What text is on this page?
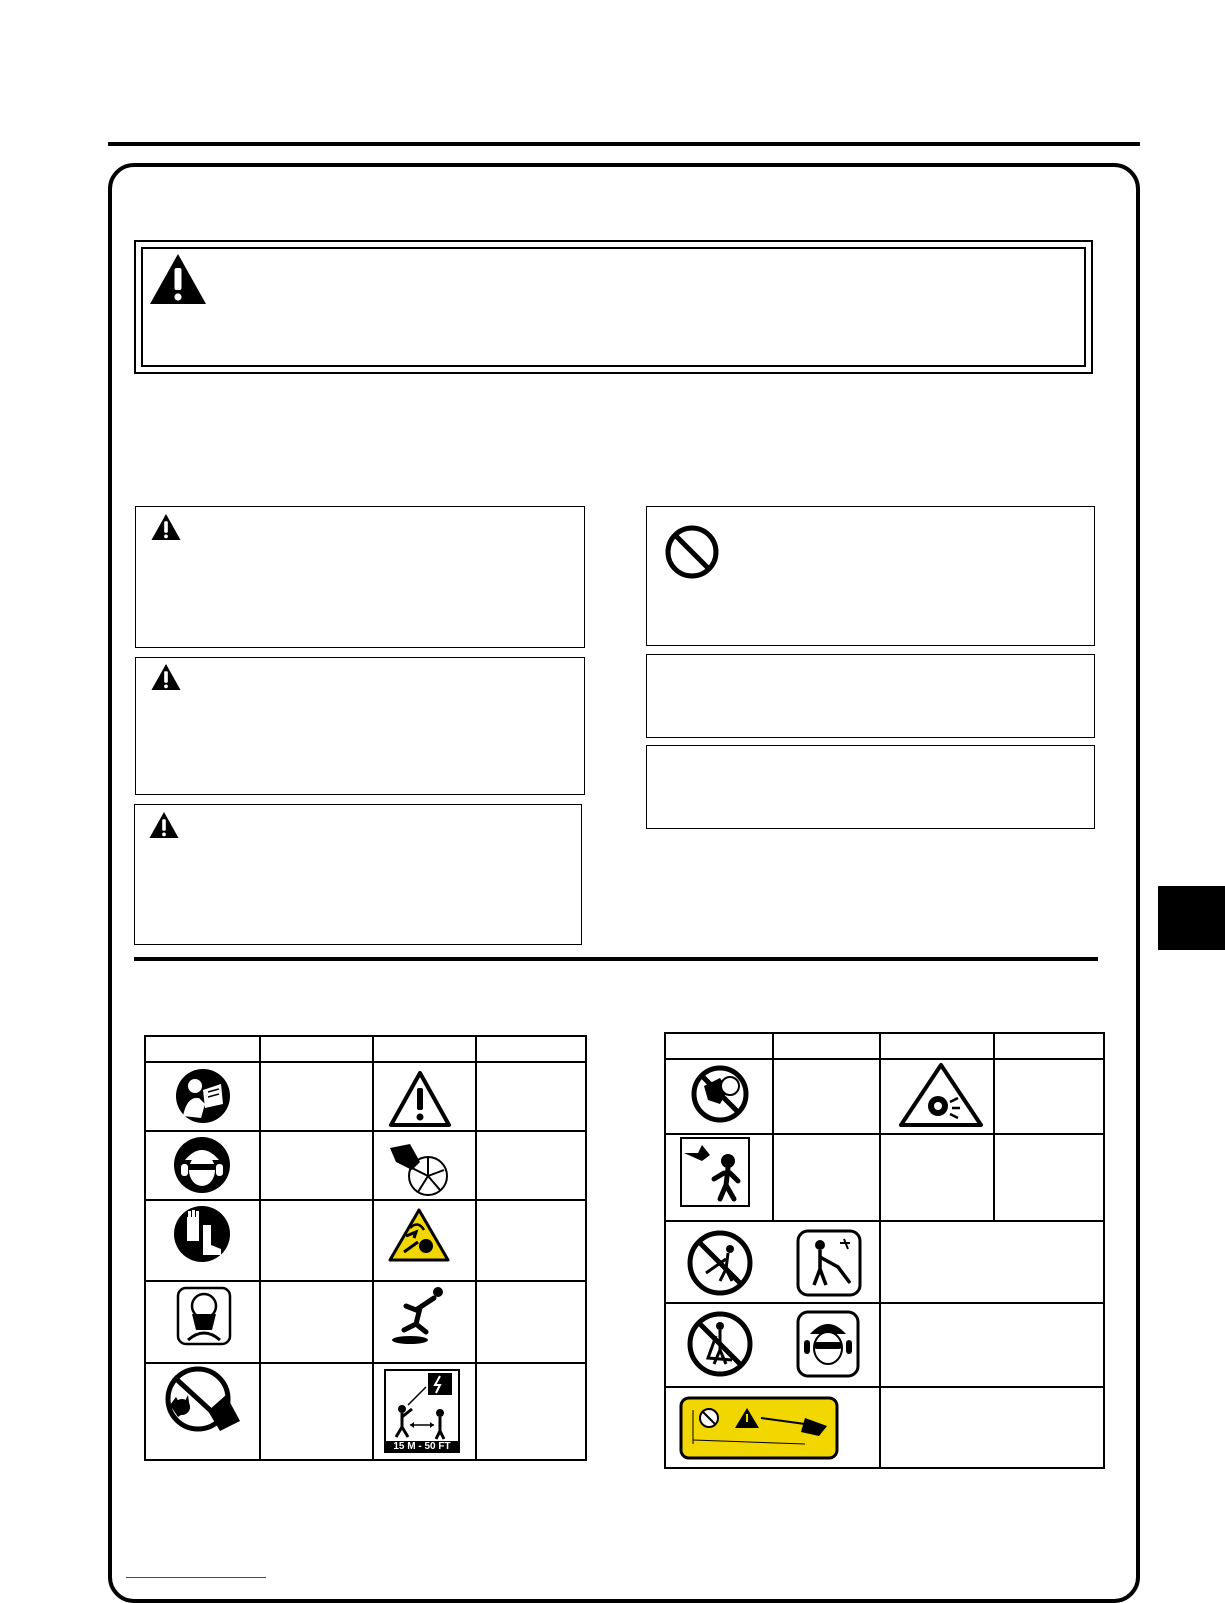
15 M - 50 FT
